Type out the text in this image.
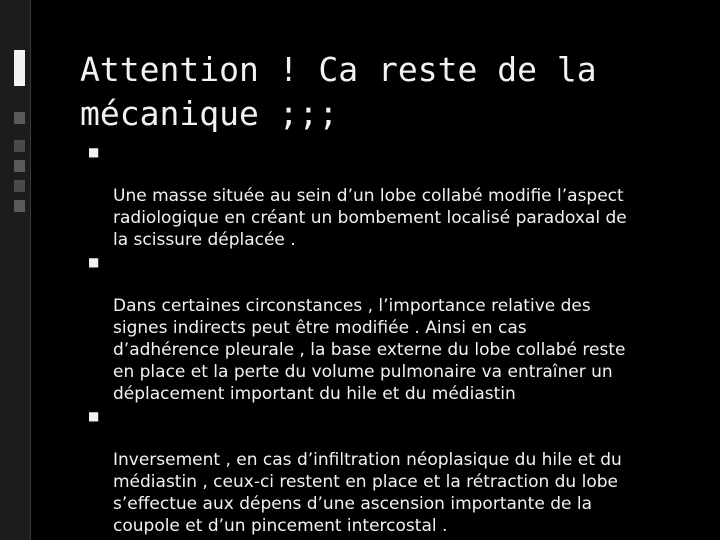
Attention ! Ca reste de la
mécanique ;;;

■

Une masse située au sein d’un lobe collabé modifie l’aspect
radiologique en créant un bombement localisé paradoxal de
la scissure déplacée .

■

Dans certaines circonstances , l’importance relative des
signes indirects peut être modifiée . Ainsi en cas
d’adhérence pleurale , la base externe du lobe collabé reste
en place et la perte du volume pulmonaire va entraîner un
déplacement important du hile et du médiastin

■

Inversement , en cas d’infiltration néoplasique du hile et du
médiastin , ceux-ci restent en place et la rétraction du lobe
s’effectue aux dépens d’une ascension importante de la
coupole et d’un pincement intercostal .
